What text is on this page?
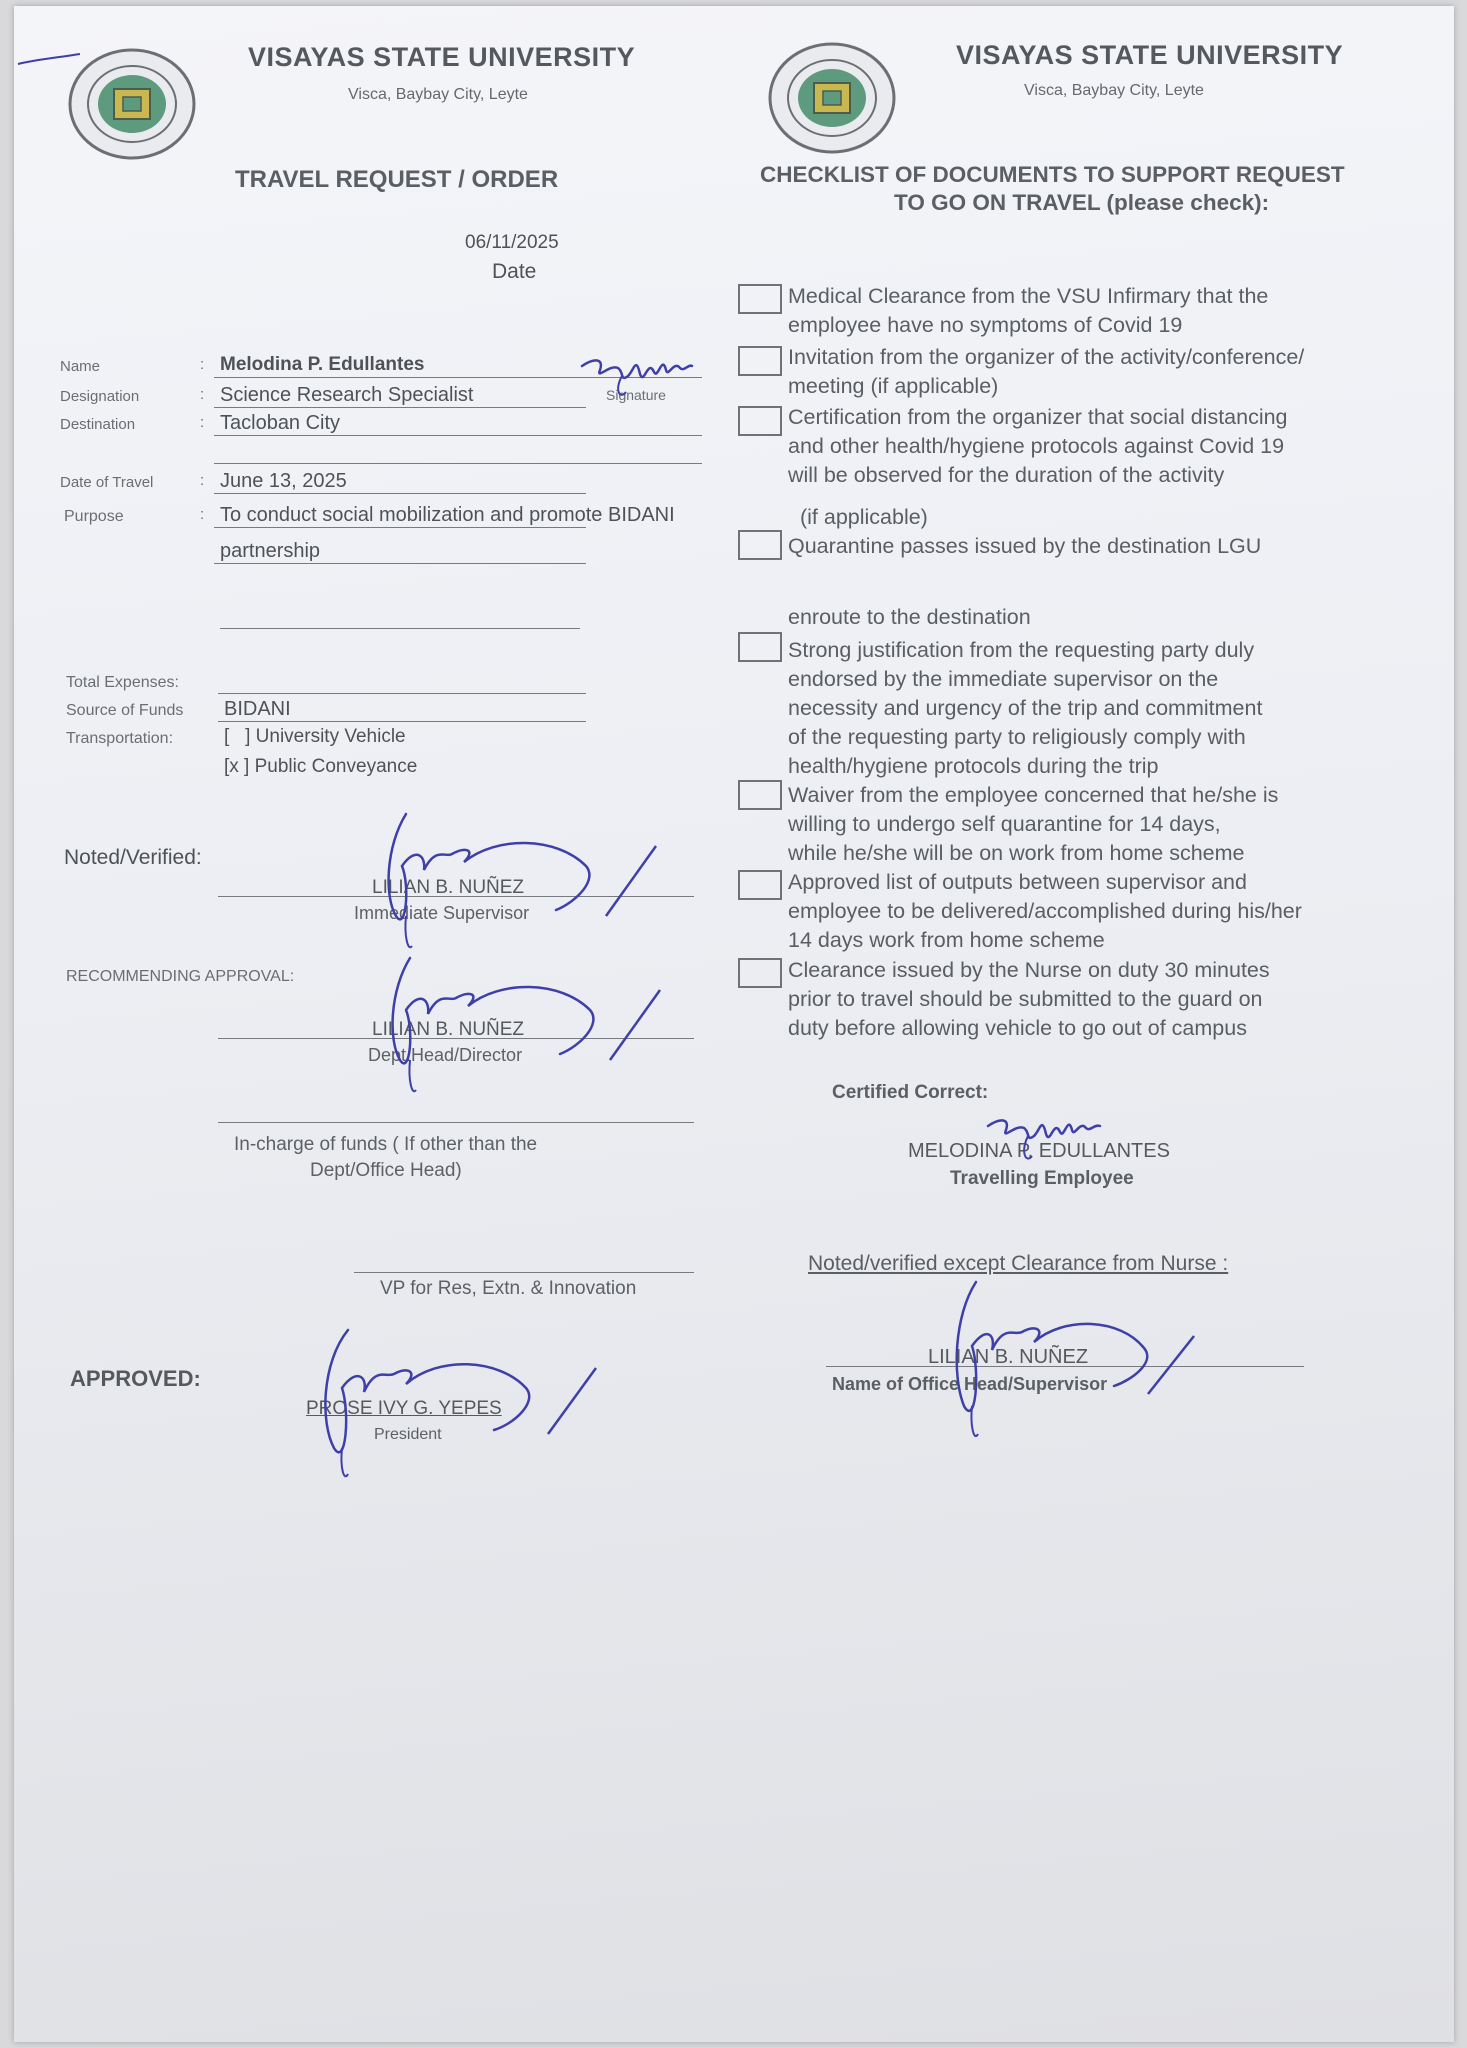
VISAYAS STATE UNIVERSITY
Visca, Baybay City, Leyte
TRAVEL REQUEST / ORDER
06/11/2025
Date
Name	: Melodina P. Edullantes
Signature
Designation	: Science Research Specialist
Destination	: Tacloban City
Date of Travel	: June 13, 2025
Purpose	: To conduct social mobilization and promote BIDANI
partnership
Total Expenses:
Source of Funds BIDANI
Transportation:	[   ] University Vehicle
[x ] Public Conveyance
Noted/Verified:
LILIAN B. NUÑEZ
Immediate Supervisor
RECOMMENDING APPROVAL:
LILIAN B. NUÑEZ
Dept.Head/Director
In-charge of funds ( If other than the
Dept/Office Head)
VP for Res, Extn. & Innovation
APPROVED:
PROSE IVY G. YEPES
President
VISAYAS STATE UNIVERSITY
Visca, Baybay City, Leyte
CHECKLIST OF DOCUMENTS TO SUPPORT REQUEST
TO GO ON TRAVEL (please check):
Medical Clearance from the VSU Infirmary that the
employee have no symptoms of Covid 19
Invitation from the organizer of the activity/conference/
meeting (if applicable)
Certification from the organizer that social distancing
and other health/hygiene protocols against Covid 19
will be observed for the duration of the activity
(if applicable)
Quarantine passes issued by the destination LGU
enroute to the destination
Strong justification from the requesting party duly
endorsed by the immediate supervisor on the
necessity and urgency of the trip and commitment
of the requesting party to religiously comply with
health/hygiene protocols during the trip
Waiver from the employee concerned that he/she is
willing to undergo self quarantine for 14 days,
while he/she will be on work from home scheme
Approved list of outputs between supervisor and
employee to be delivered/accomplished during his/her
14 days work from home scheme
Clearance issued by the Nurse on duty 30 minutes
prior to travel should be submitted to the guard on
duty before allowing vehicle to go out of campus
Certified Correct:
MELODINA P. EDULLANTES
Travelling Employee
Noted/verified except Clearance from Nurse :
LILIAN B. NUÑEZ
Name of Office Head/Supervisor
